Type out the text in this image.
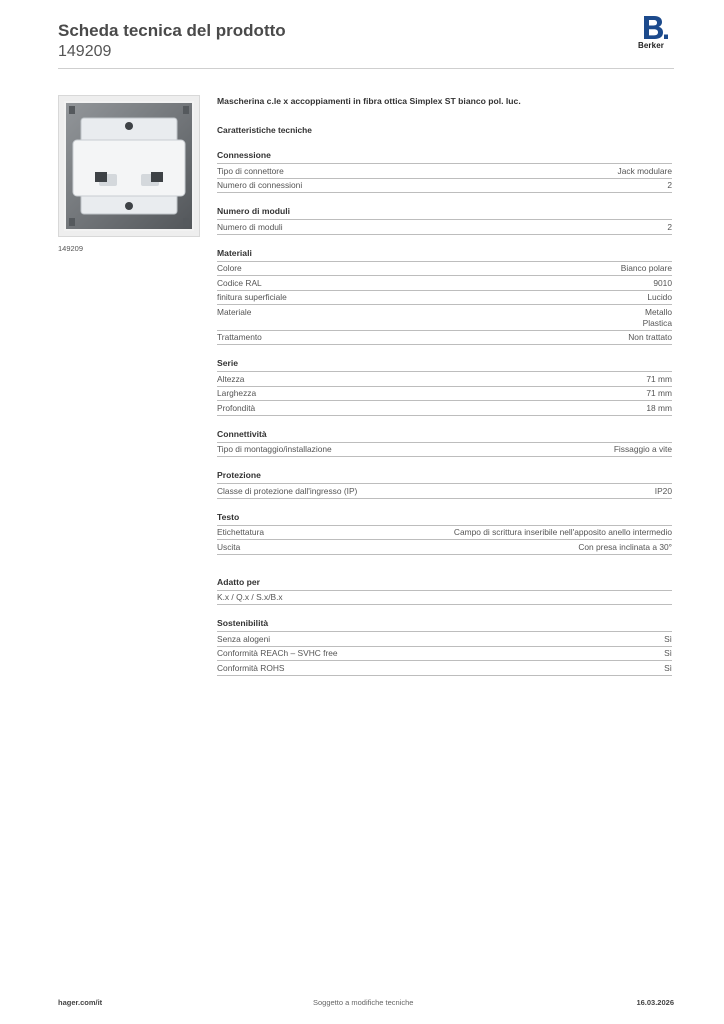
Scheda tecnica del prodotto
149209	Berker
149209
Mascherina c.le x accoppiamenti in fibra ottica Simplex ST bianco pol. luc.
Caratteristiche tecniche
Connessione
Tipo di connettore	Jack modulare
Numero di connessioni	2
Numero di moduli
Numero di moduli	2
Materiali
Colore	Bianco polare
Codice RAL	9010
finitura superficiale	Lucido
Materiale	Metallo
Plastica
Trattamento	Non trattato
Serie
Altezza	71 mm
Larghezza	71 mm
Profondità	18 mm
Connettività
Tipo di montaggio/installazione	Fissaggio a vite
Protezione
Classe di protezione dall'ingresso (IP)	IP20
Testo
Etichettatura	Campo di scrittura inseribile nell'apposito anello intermedio
Uscita	Con presa inclinata a 30°
Adatto per
K.x / Q.x / S.x/B.x
Sostenibilità
Senza alogeni	Sì
Conformità REACh – SVHC free	Sì
Conformità ROHS	Sì
hager.com/it	Soggetto a modifiche tecniche	16.03.2026
